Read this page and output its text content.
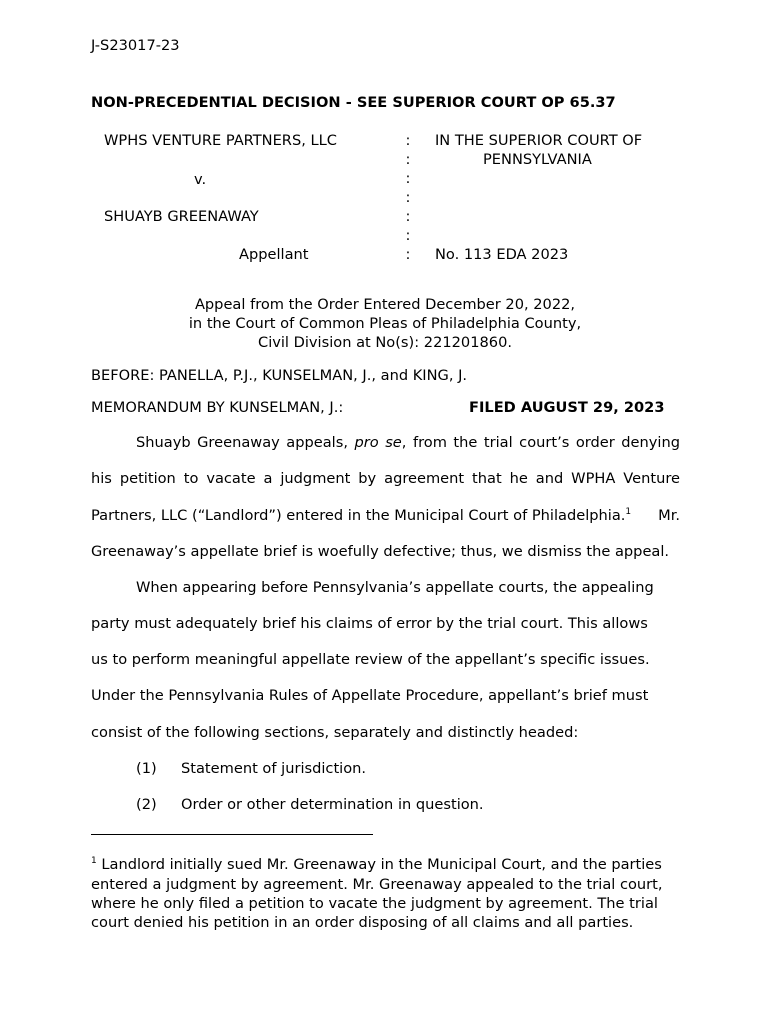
J-S23017-23
NON-PRECEDENTIAL DECISION - SEE SUPERIOR COURT OP 65.37
WPHS VENTURE PARTNERS, LLC
v.
SHUAYB GREENAWAY
Appellant
:
:
:
:
:
:
:
IN THE SUPERIOR COURT OF
PENNSYLVANIA
No. 113 EDA 2023
Appeal from the Order Entered December 20, 2022,
in the Court of Common Pleas of Philadelphia County,
Civil Division at No(s): 221201860.
BEFORE: PANELLA, P.J., KUNSELMAN, J., and KING, J.
MEMORANDUM BY KUNSELMAN, J.:	FILED AUGUST 29, 2023
Shuayb Greenaway appeals, pro se, from the trial court’s order denying
his petition to vacate a judgment by agreement that he and WPHA Venture
Partners, LLC (“Landlord”) entered in the Municipal Court of Philadelphia.$^1$ Mr.
Greenaway’s appellate brief is woefully defective; thus, we dismiss the appeal.
When appearing before Pennsylvania’s appellate courts, the appealing
party must adequately brief his claims of error by the trial court. This allows
us to perform meaningful appellate review of the appellant’s specific issues.
Under the Pennsylvania Rules of Appellate Procedure, appellant’s brief must
consist of the following sections, separately and distinctly headed:
(1) Statement of jurisdiction.
(2) Order or other determination in question.
$^1$ Landlord initially sued Mr. Greenaway in the Municipal Court, and the parties
entered a judgment by agreement. Mr. Greenaway appealed to the trial court,
where he only filed a petition to vacate the judgment by agreement. The trial
court denied his petition in an order disposing of all claims and all parties.
